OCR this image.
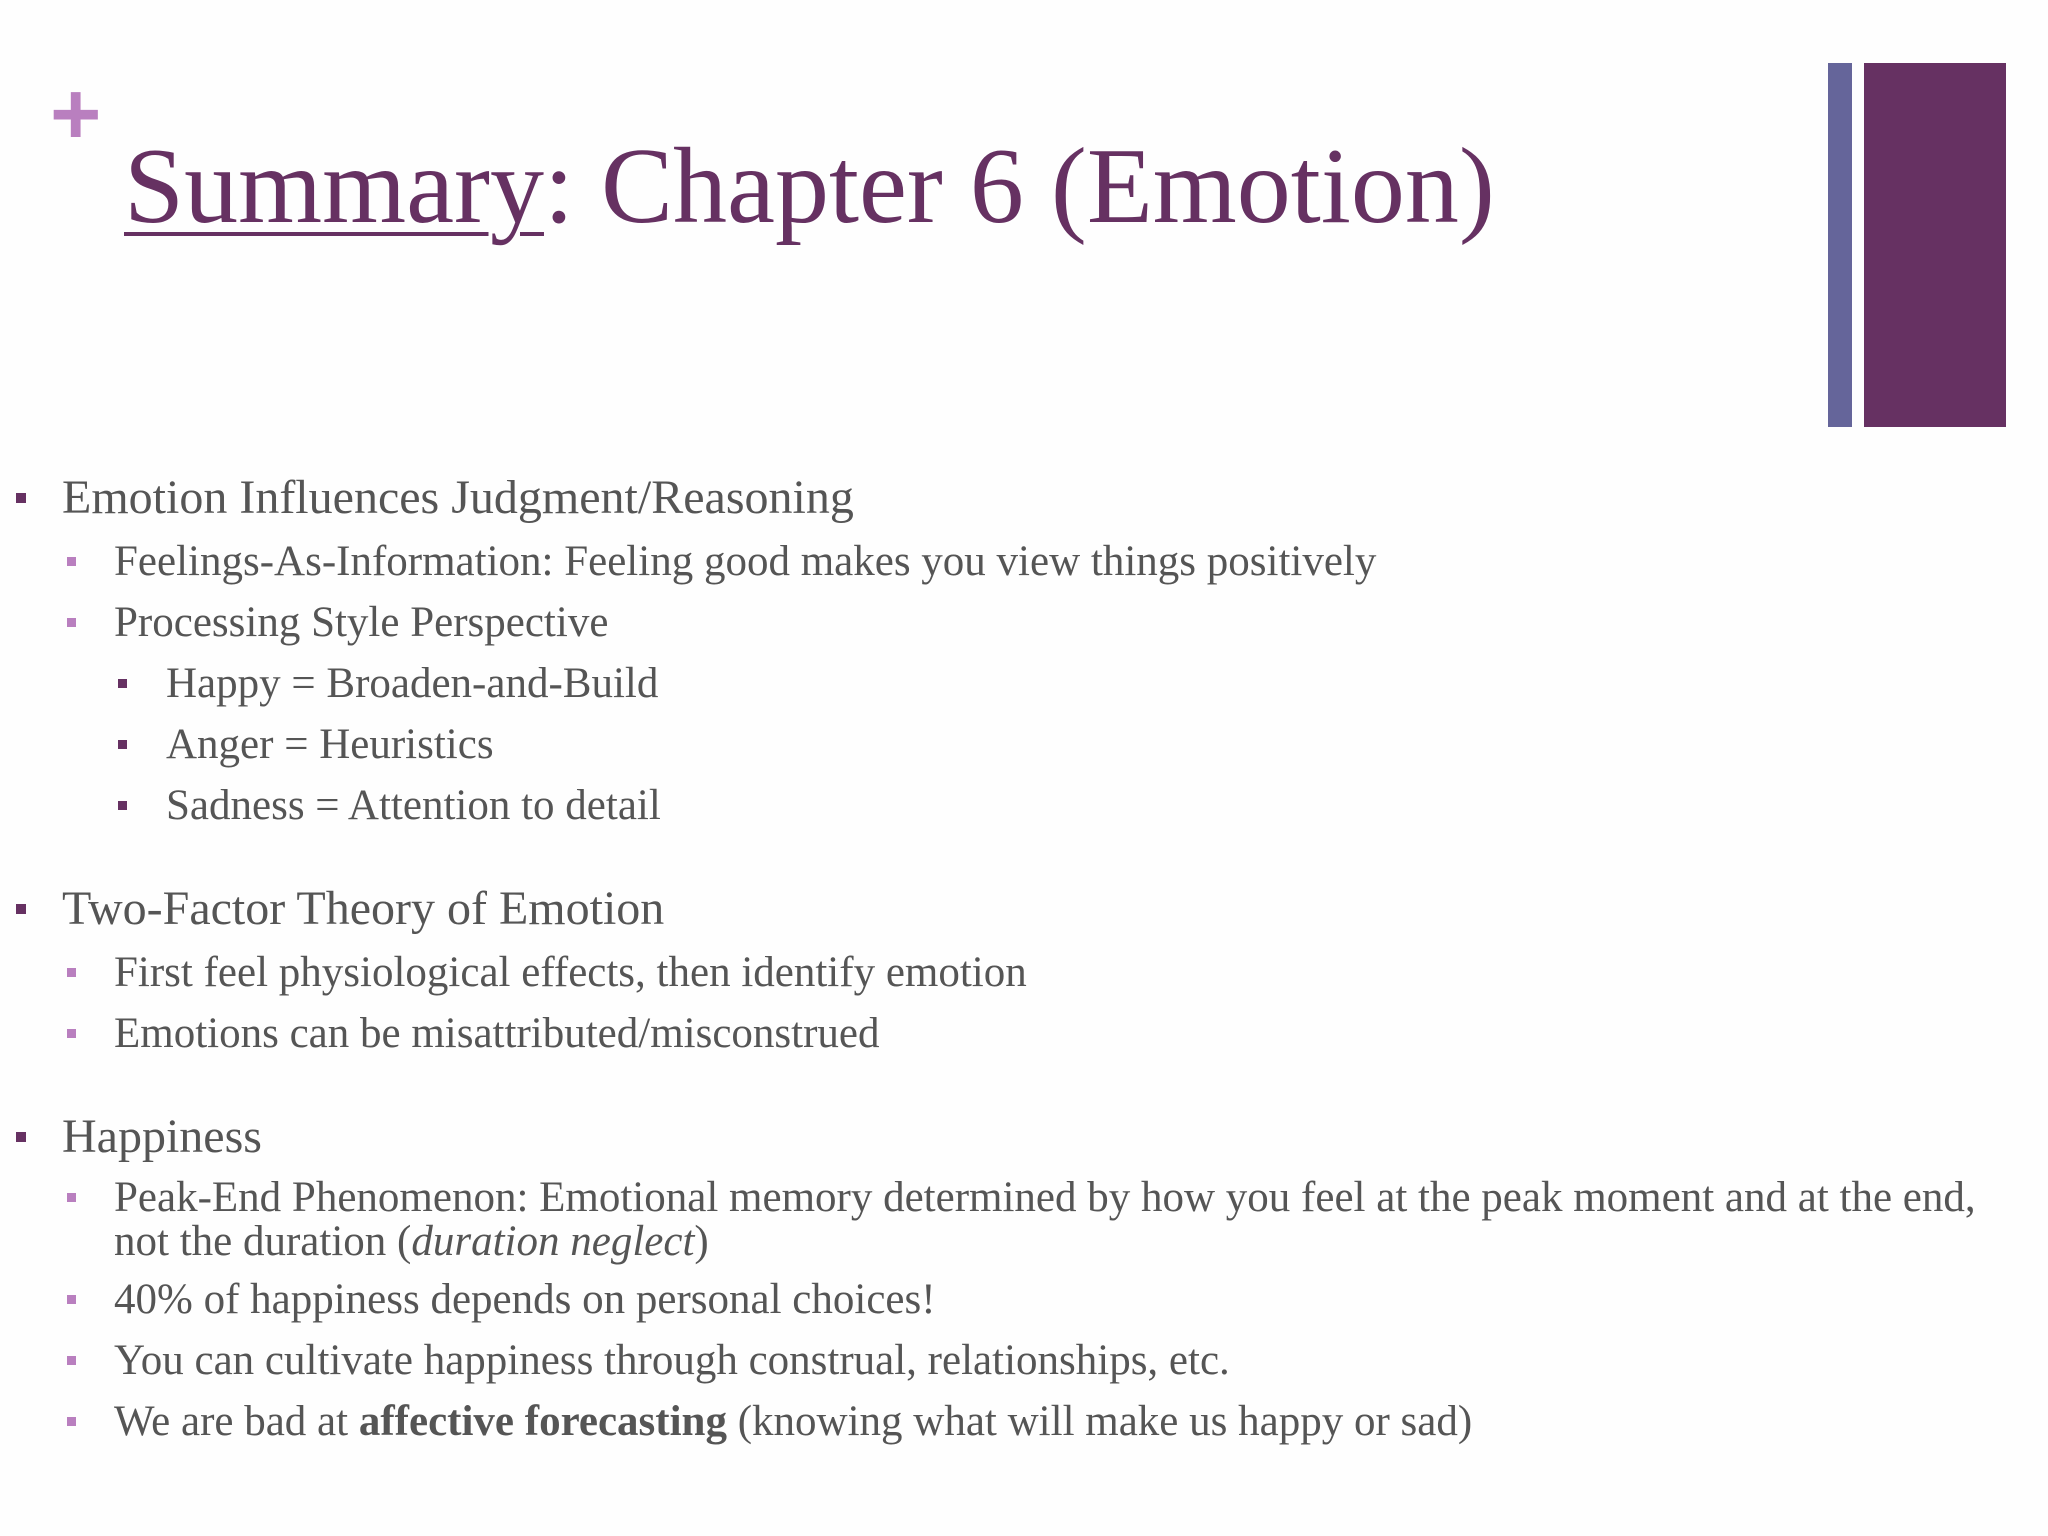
+
Summary: Chapter 6 (Emotion)
Emotion Influences Judgment/Reasoning
Feelings-As-Information: Feeling good makes you view things positively
Processing Style Perspective
Happy = Broaden-and-Build
Anger = Heuristics
Sadness = Attention to detail
Two-Factor Theory of Emotion
First feel physiological effects, then identify emotion
Emotions can be misattributed/misconstrued
Happiness
Peak-End Phenomenon: Emotional memory determined by how you feel at the peak moment and at the end, not the duration (duration neglect)
40% of happiness depends on personal choices!
You can cultivate happiness through construal, relationships, etc.
We are bad at affective forecasting (knowing what will make us happy or sad)
